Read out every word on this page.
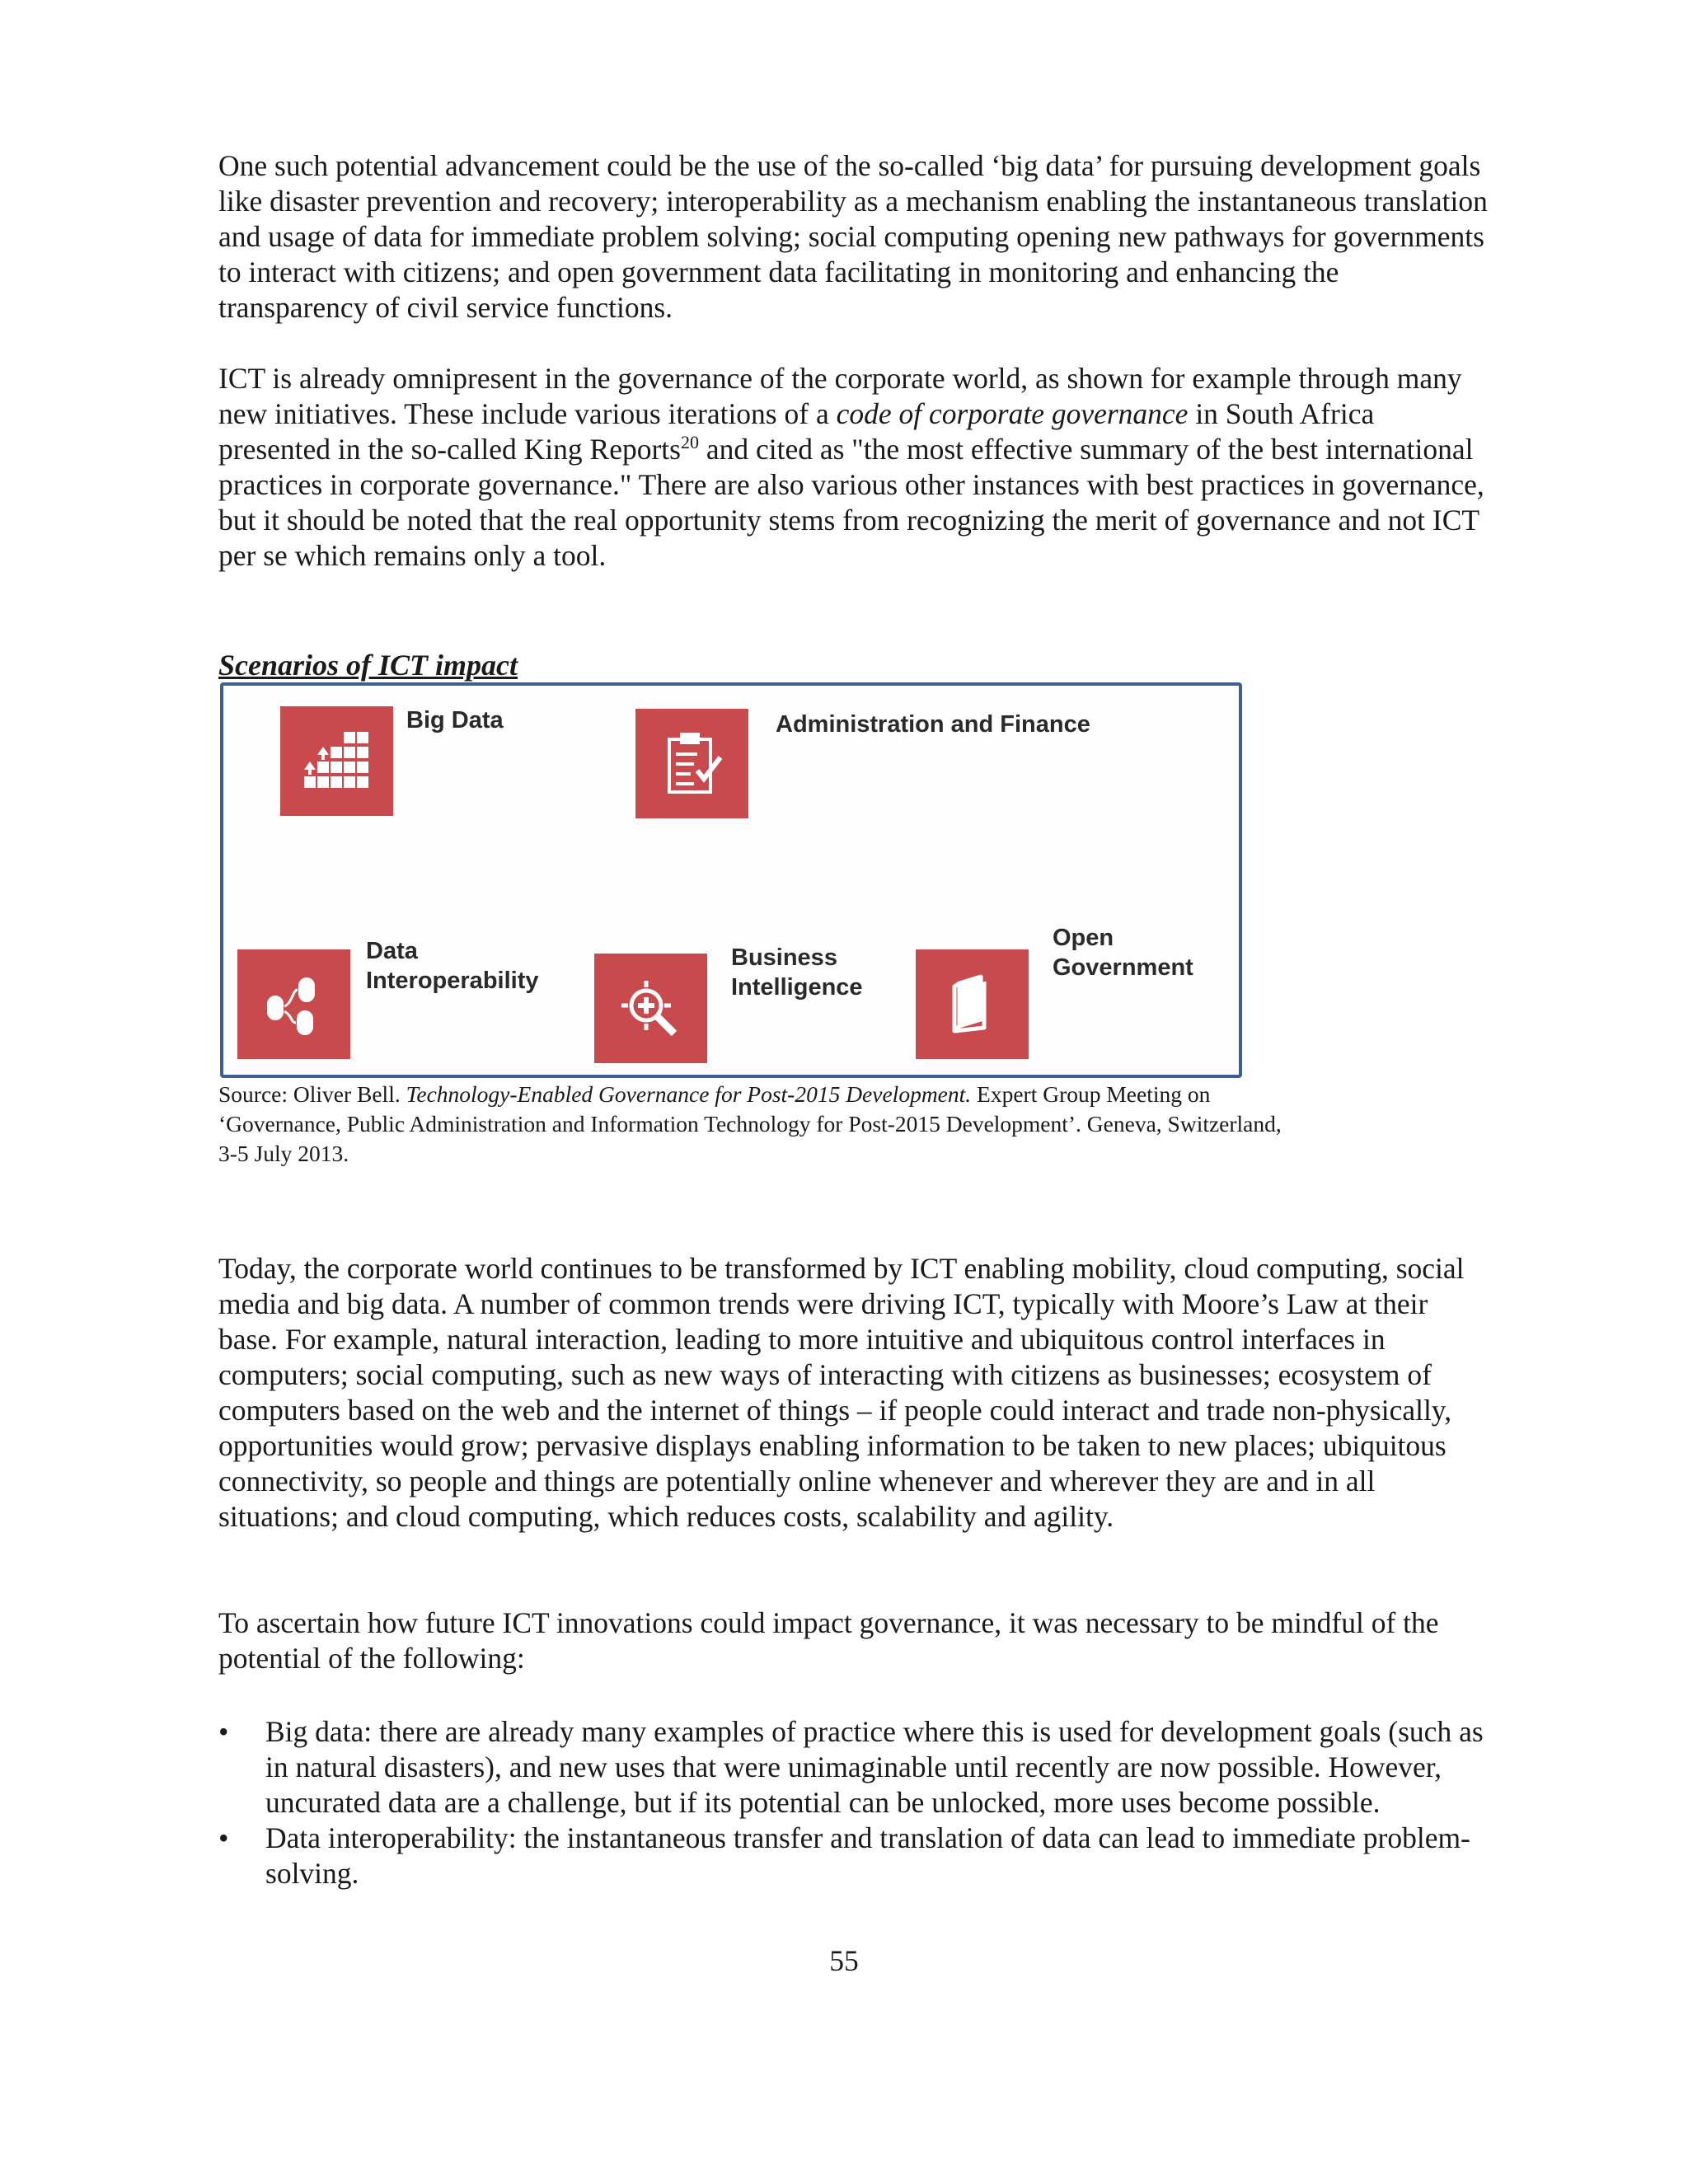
One such potential advancement could be the use of the so-called ‘big data’ for pursuing development goals like disaster prevention and recovery; interoperability as a mechanism enabling the instantaneous translation and usage of data for immediate problem solving; social computing opening new pathways for governments to interact with citizens; and open government data facilitating in monitoring and enhancing the transparency of civil service functions.

ICT is already omnipresent in the governance of the corporate world, as shown for example through many new initiatives. These include various iterations of a code of corporate governance in South Africa presented in the so-called King Reports$^{20}$ and cited as "the most effective summary of the best international practices in corporate governance." There are also various other instances with best practices in governance, but it should be noted that the real opportunity stems from recognizing the merit of governance and not ICT per se which remains only a tool.

Scenarios of ICT impact

Big Data	Administration and Finance

Data
Interoperability

Business
Intelligence

Open
Government

Source: Oliver Bell. Technology-Enabled Governance for Post-2015 Development. Expert Group Meeting on ‘Governance, Public Administration and Information Technology for Post-2015 Development’. Geneva, Switzerland, 3-5 July 2013.

Today, the corporate world continues to be transformed by ICT enabling mobility, cloud computing, social media and big data. A number of common trends were driving ICT, typically with Moore’s Law at their base. For example, natural interaction, leading to more intuitive and ubiquitous control interfaces in computers; social computing, such as new ways of interacting with citizens as businesses; ecosystem of computers based on the web and the internet of things – if people could interact and trade non-physically, opportunities would grow; pervasive displays enabling information to be taken to new places; ubiquitous connectivity, so people and things are potentially online whenever and wherever they are and in all situations; and cloud computing, which reduces costs, scalability and agility.

To ascertain how future ICT innovations could impact governance, it was necessary to be mindful of the potential of the following:

• Big data: there are already many examples of practice where this is used for development goals (such as in natural disasters), and new uses that were unimaginable until recently are now possible. However, uncurated data are a challenge, but if its potential can be unlocked, more uses become possible.
• Data interoperability: the instantaneous transfer and translation of data can lead to immediate problem-solving.

55
